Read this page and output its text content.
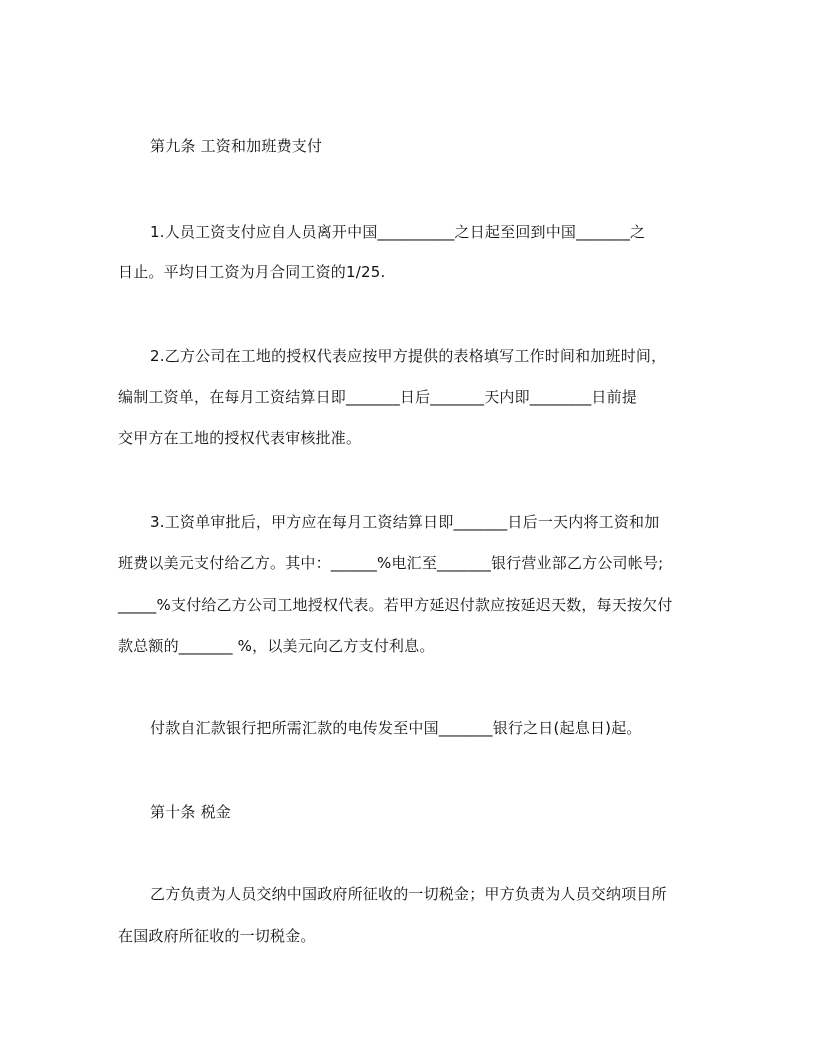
第九条 工资和加班费支付
1.人员工资支付应自人员离开中国__________之日起至回到中国_______之
日止。平均日工资为月合同工资的1/25.
2.乙方公司在工地的授权代表应按甲方提供的表格填写工作时间和加班时间，
编制工资单，在每月工资结算日即_______日后_______天内即________日前提
交甲方在工地的授权代表审核批准。
3.工资单审批后，甲方应在每月工资结算日即_______日后一天内将工资和加
班费以美元支付给乙方。其中：______%电汇至_______银行营业部乙方公司帐号;
_____%支付给乙方公司工地授权代表。若甲方延迟付款应按延迟天数，每天按欠付
款总额的_______ %，以美元向乙方支付利息。
付款自汇款银行把所需汇款的电传发至中国_______银行之日(起息日)起。
第十条 税金
乙方负责为人员交纳中国政府所征收的一切税金；甲方负责为人员交纳项目所
在国政府所征收的一切税金。
